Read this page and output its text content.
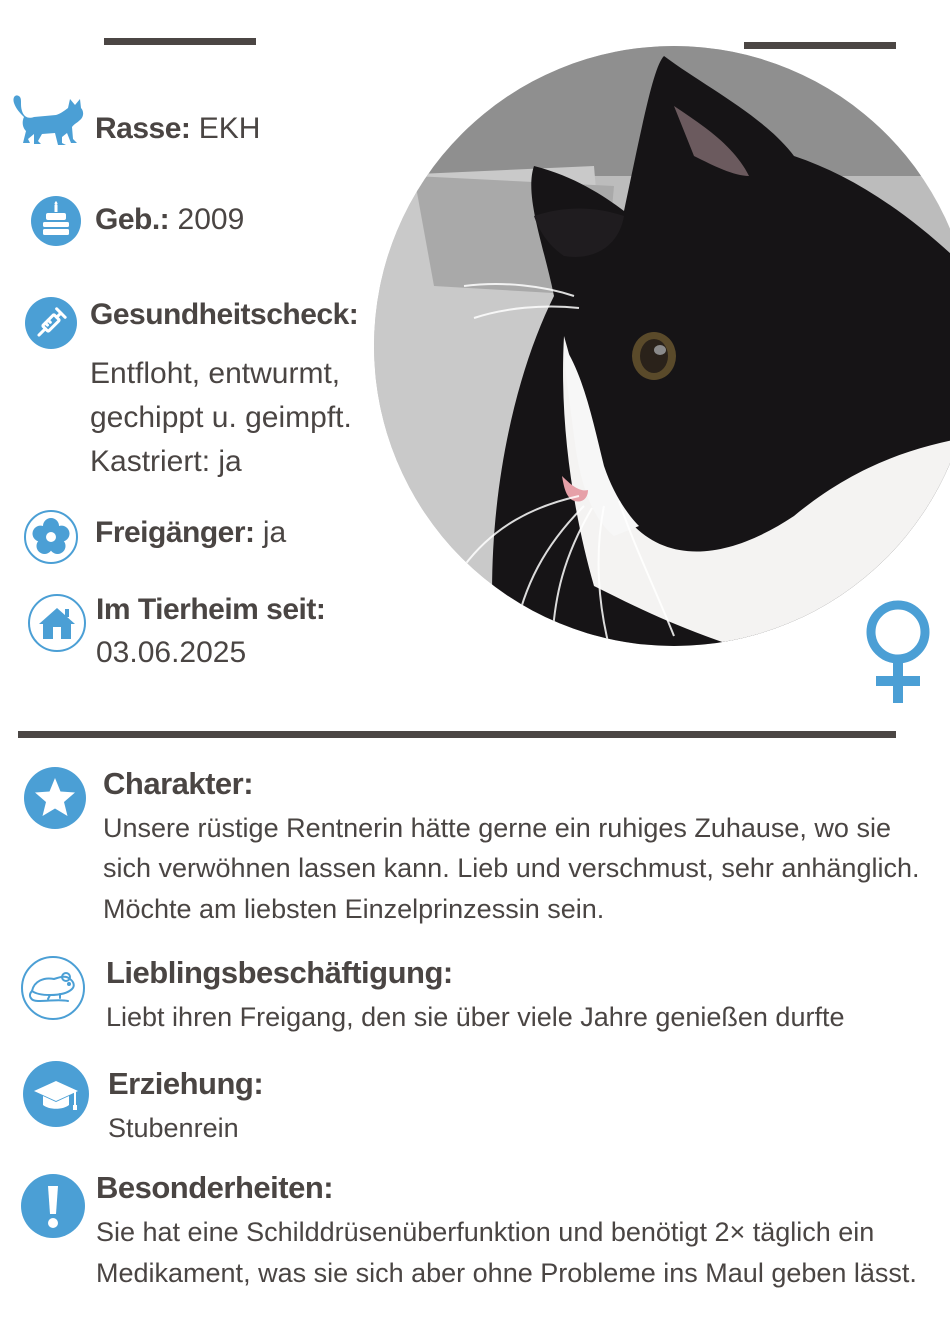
Rasse: EKH
Geb.: 2009
Gesundheitscheck:
Entfloht, entwurmt,
gechippt u. geimpft.
Kastriert: ja
Freigänger: ja
Im Tierheim seit:
03.06.2025
Charakter:
Unsere rüstige Rentnerin hätte gerne ein ruhiges Zuhause, wo sie
sich verwöhnen lassen kann. Lieb und verschmust, sehr anhänglich.
Möchte am liebsten Einzelprinzessin sein.
Lieblingsbeschäftigung:
Liebt ihren Freigang, den sie über viele Jahre genießen durfte
Erziehung:
Stubenrein
Besonderheiten:
Sie hat eine Schilddrüsenüberfunktion und benötigt 2× täglich ein
Medikament, was sie sich aber ohne Probleme ins Maul geben lässt.
